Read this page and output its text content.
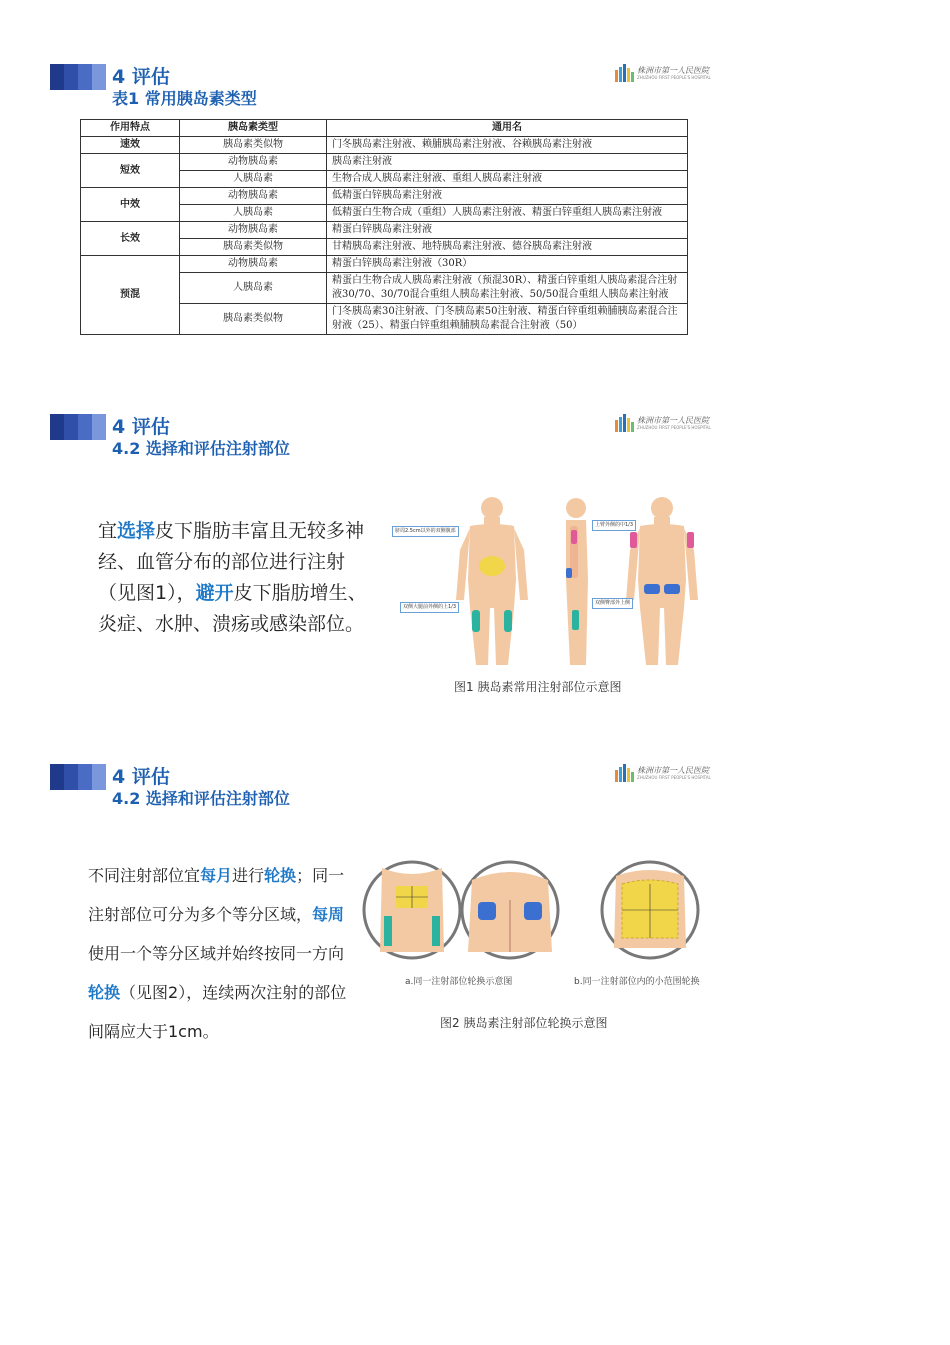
4 评估
表1 常用胰岛素类型
株洲市第一人民医院
ZHUZHOU FIRST PEOPLE'S HOSPITAL
作用特点	胰岛素类型	通用名
速效	胰岛素类似物	门冬胰岛素注射液、赖脯胰岛素注射液、谷赖胰岛素注射液
短效	动物胰岛素	胰岛素注射液
	人胰岛素	生物合成人胰岛素注射液、重组人胰岛素注射液
中效	动物胰岛素	低精蛋白锌胰岛素注射液
	人胰岛素	低精蛋白生物合成（重组）人胰岛素注射液、精蛋白锌重组人胰岛素注射液
长效	动物胰岛素	精蛋白锌胰岛素注射液
	胰岛素类似物	甘精胰岛素注射液、地特胰岛素注射液、德谷胰岛素注射液
预混	动物胰岛素	精蛋白锌胰岛素注射液（30R）
	人胰岛素	精蛋白生物合成人胰岛素注射液（预混30R）、精蛋白锌重组人胰岛素混合注射液30/70、30/70混合重组人胰岛素注射液、50/50混合重组人胰岛素注射液
	胰岛素类似物	门冬胰岛素30注射液、门冬胰岛素50注射液、精蛋白锌重组赖脯胰岛素混合注射液（25）、精蛋白锌重组赖脯胰岛素混合注射液（50）
4 评估
4.2 选择和评估注射部位
株洲市第一人民医院
ZHUZHOU FIRST PEOPLE'S HOSPITAL
宜选择皮下脂肪丰富且无较多神经、血管分布的部位进行注射（见图1），避开皮下脂肪增生、炎症、水肿、溃疡或感染部位。
脐周2.5cm以外的双侧腹部
上臂外侧的中1/3
双侧大腿前外侧的上1/3
双侧臀部外上侧
图1 胰岛素常用注射部位示意图
4 评估
4.2 选择和评估注射部位
株洲市第一人民医院
ZHUZHOU FIRST PEOPLE'S HOSPITAL
不同注射部位宜每月进行轮换；同一注射部位可分为多个等分区域，每周使用一个等分区域并始终按同一方向轮换（见图2），连续两次注射的部位间隔应大于1cm。
a.同一注射部位轮换示意图	b.同一注射部位内的小范围轮换
图2 胰岛素注射部位轮换示意图
